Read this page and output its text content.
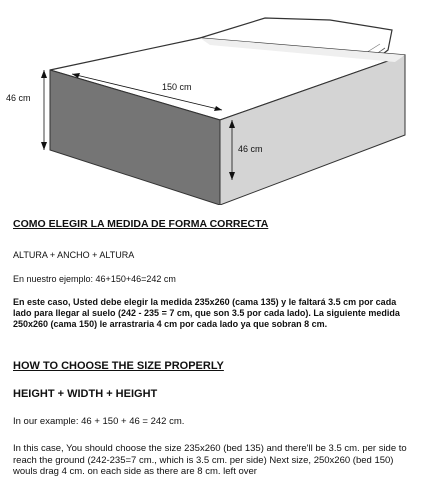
150 cm
46 cm
46 cm
COMO ELEGIR LA MEDIDA DE FORMA CORRECTA
ALTURA + ANCHO + ALTURA
En nuestro ejemplo: 46+150+46=242 cm
En este caso, Usted debe elegir la medida 235x260 (cama 135) y le faltará 3.5 cm por cada lado para llegar al suelo (242 - 235 = 7 cm, que son 3.5 por cada lado). La siguiente medida 250x260 (cama 150) le arrastraria 4 cm por cada lado ya que sobran 8 cm.
HOW TO CHOOSE THE SIZE PROPERLY
HEIGHT + WIDTH + HEIGHT
In our example: 46 + 150 + 46 = 242 cm.
In this case, You should choose the size 235x260 (bed 135) and there'll be 3.5 cm. per side to reach the ground (242-235=7 cm., which is 3.5 cm. per side) Next size, 250x260 (bed 150) wouls drag 4 cm. on each side as there are 8 cm. left over
